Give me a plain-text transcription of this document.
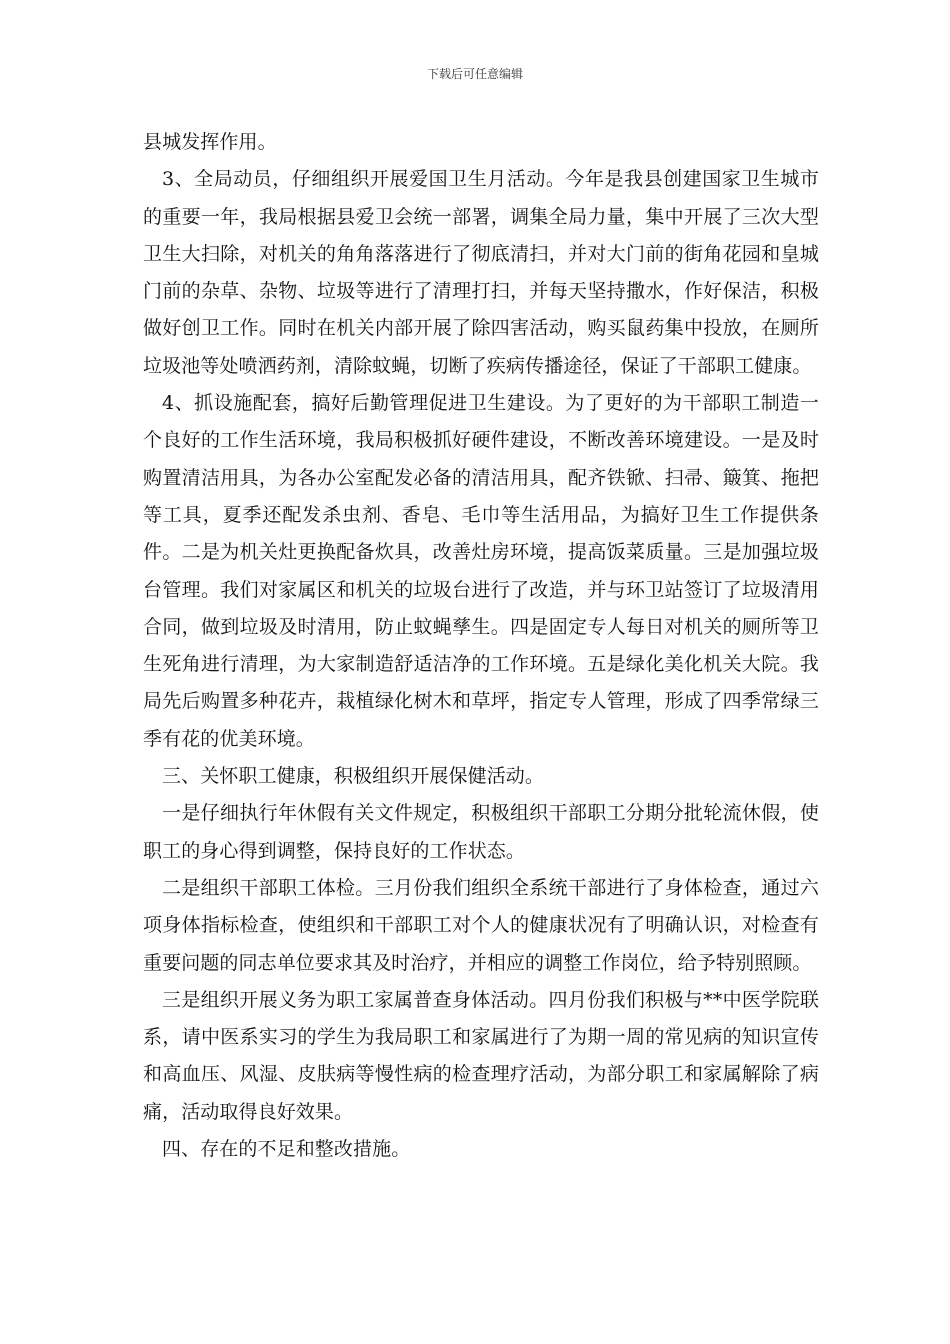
下载后可任意编辑

县城发挥作用。

3、全局动员，仔细组织开展爱国卫生月活动。今年是我县创建国家卫生城市的重要一年，我局根据县爱卫会统一部署，调集全局力量，集中开展了三次大型卫生大扫除，对机关的角角落落进行了彻底清扫，并对大门前的街角花园和皇城门前的杂草、杂物、垃圾等进行了清理打扫，并每天坚持撒水，作好保洁，积极做好创卫工作。同时在机关内部开展了除四害活动，购买鼠药集中投放，在厕所垃圾池等处喷洒药剂，清除蚊蝇，切断了疾病传播途径，保证了干部职工健康。

4、抓设施配套，搞好后勤管理促进卫生建设。为了更好的为干部职工制造一个良好的工作生活环境，我局积极抓好硬件建设，不断改善环境建设。一是及时购置清洁用具，为各办公室配发必备的清洁用具，配齐铁锨、扫帚、簸箕、拖把等工具，夏季还配发杀虫剂、香皂、毛巾等生活用品，为搞好卫生工作提供条件。二是为机关灶更换配备炊具，改善灶房环境，提高饭菜质量。三是加强垃圾台管理。我们对家属区和机关的垃圾台进行了改造，并与环卫站签订了垃圾清用合同，做到垃圾及时清用，防止蚊蝇孳生。四是固定专人每日对机关的厕所等卫生死角进行清理，为大家制造舒适洁净的工作环境。五是绿化美化机关大院。我局先后购置多种花卉，栽植绿化树木和草坪，指定专人管理，形成了四季常绿三季有花的优美环境。

三、关怀职工健康，积极组织开展保健活动。

一是仔细执行年休假有关文件规定，积极组织干部职工分期分批轮流休假，使职工的身心得到调整，保持良好的工作状态。

二是组织干部职工体检。三月份我们组织全系统干部进行了身体检查，通过六项身体指标检查，使组织和干部职工对个人的健康状况有了明确认识，对检查有重要问题的同志单位要求其及时治疗，并相应的调整工作岗位，给予特别照顾。

三是组织开展义务为职工家属普查身体活动。四月份我们积极与**中医学院联系，请中医系实习的学生为我局职工和家属进行了为期一周的常见病的知识宣传和高血压、风湿、皮肤病等慢性病的检查理疗活动，为部分职工和家属解除了病痛，活动取得良好效果。

四、存在的不足和整改措施。
